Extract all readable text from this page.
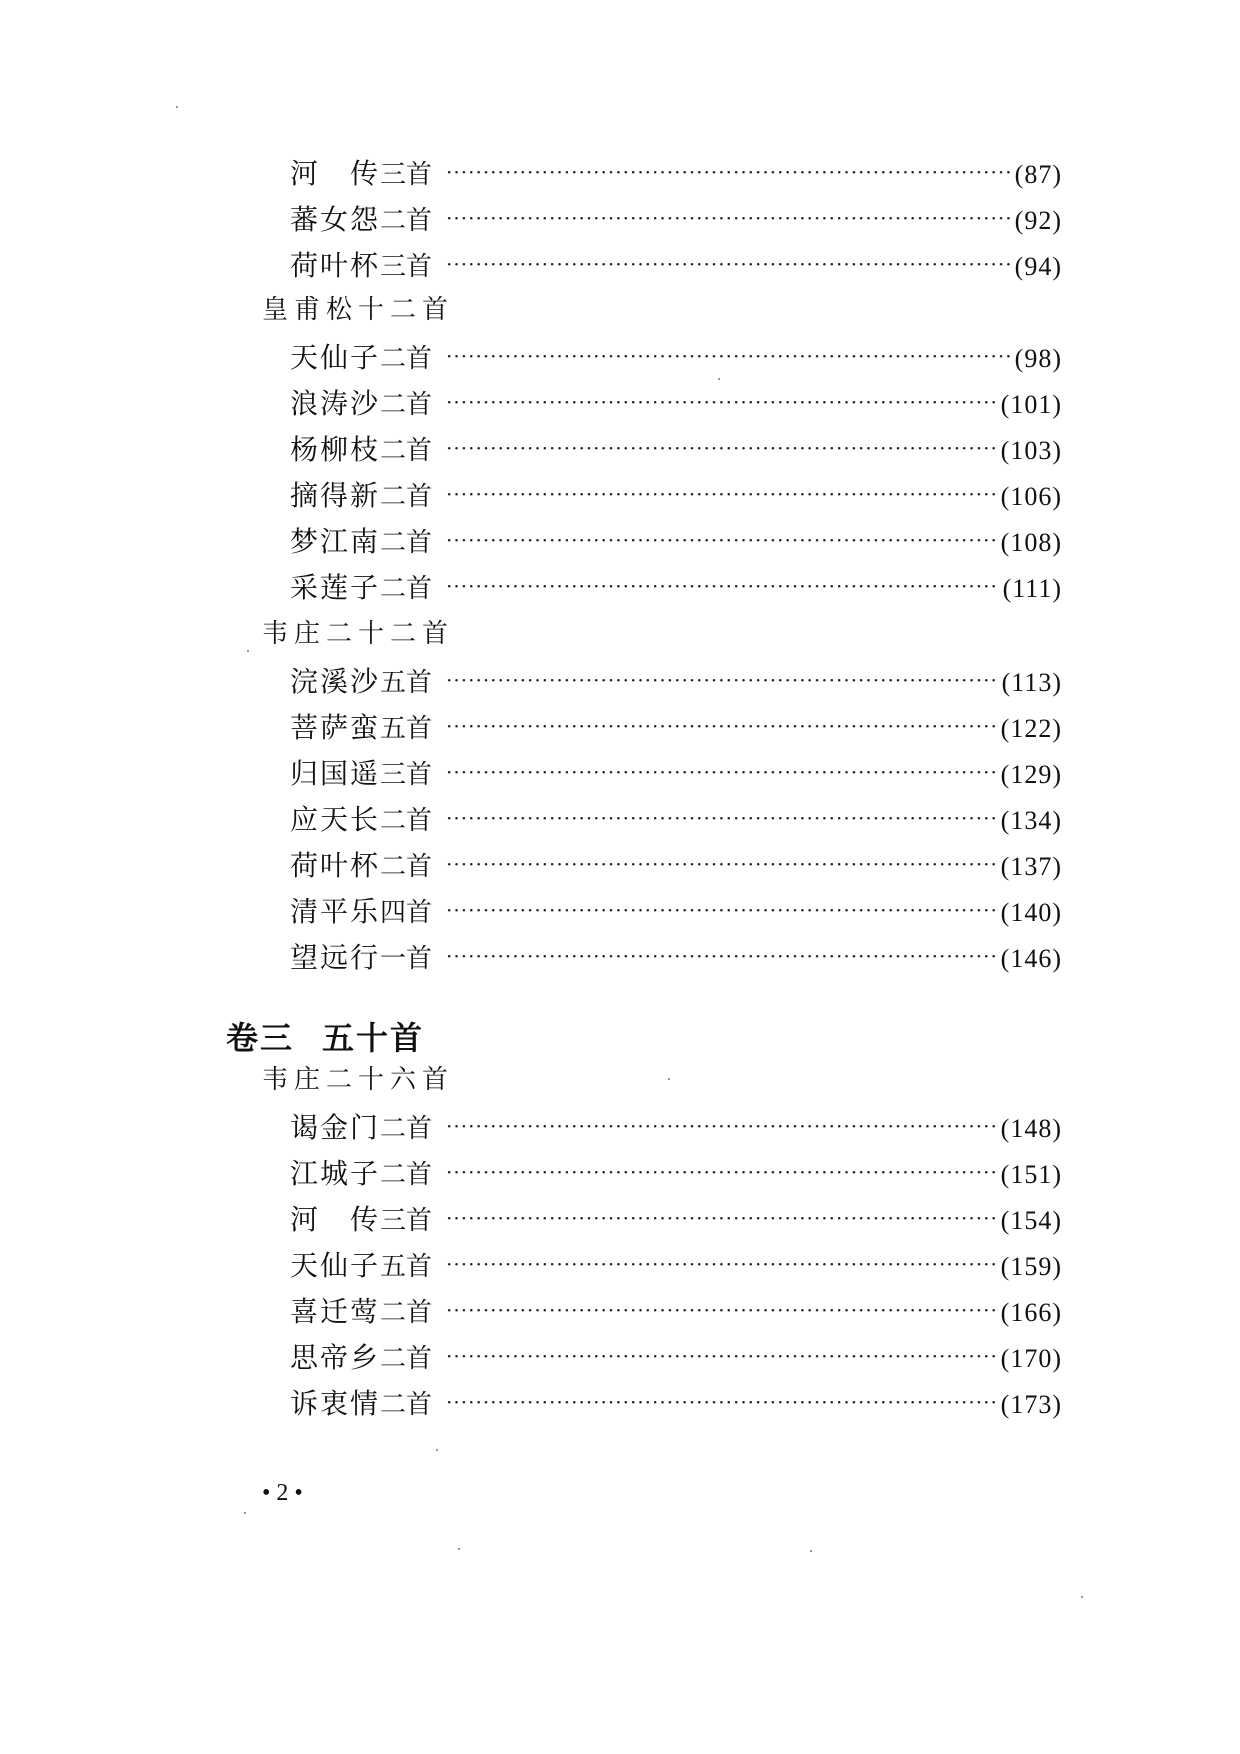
河　传 三首 ·····	(87)
蕃女怨 二首 ·····	(92)
荷叶杯 三首 ·····	(94)
皇甫松十二首
天仙子 二首 ·····	(98)
浪涛沙 二首 ·····	(101)
杨柳枝 二首 ·····	(103)
摘得新 二首 ·····	(106)
梦江南 二首 ·····	(108)
采莲子 二首 ·····	(111)
韦庄二十二首
浣溪沙 五首 ·····	(113)
菩萨蛮 五首 ·····	(122)
归国遥 三首 ·····	(129)
应天长 二首 ·····	(134)
荷叶杯 二首 ·····	(137)
清平乐 四首 ·····	(140)
望远行 一首 ·····	(146)
卷三 五十首
韦庄二十六首
谒金门 二首 ·····	(148)
江城子 二首 ·····	(151)
河　传 三首 ·····	(154)
天仙子 五首 ·····	(159)
喜迁莺 二首 ·····	(166)
思帝乡 二首 ·····	(170)
诉衷情 二首 ·····	(173)
• 2 •
